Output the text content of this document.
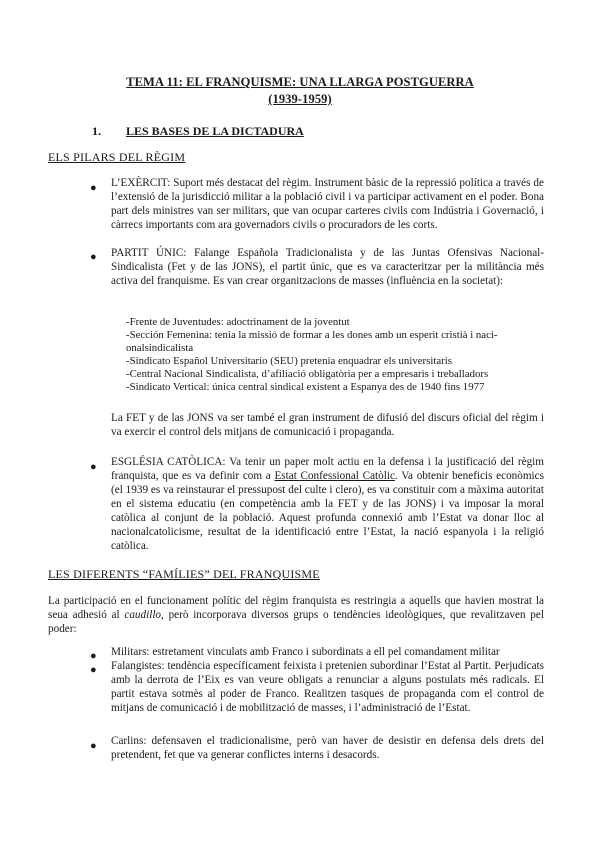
TEMA 11: EL FRANQUISME: UNA LLARGA POSTGUERRA
(1939-1959)
1. LES BASES DE LA DICTADURA
ELS PILARS DEL RÈGIM
● L’EXÈRCIT: Suport més destacat del règim. Instrument bàsic de la repressió política a través de l’extensió de la jurisdicció militar a la població civil i va participar activament en el poder. Bona part dels ministres van ser militars, que van ocupar carteres civils com Indústria i Governació, i càrrecs importants com ara governadors civils o procuradors de les corts.
● PARTIT ÚNIC: Falange Española Tradicionalista y de las Juntas Ofensivas Nacional-Sindicalista (Fet y de las JONS), el partit únic, que es va caracteritzar per la militància més activa del franquisme. Es van crear organitzacions de masses (influència en la societat):
-Frente de Juventudes: adoctrinament de la joventut
-Sección Femenina: tenia la missió de formar a les dones amb un esperit cristià i naci-
onalsindicalista
-Sindicato Español Universitario (SEU) pretenia enquadrar els universitaris
-Central Nacional Sindicalista, d’afiliació obligatòria per a empresaris i treballadors
-Sindicato Vertical: única central sindical existent a Espanya des de 1940 fins 1977
La FET y de las JONS va ser també el gran instrument de difusió del discurs oficial del règim i va exercir el control dels mitjans de comunicació i propaganda.
● ESGLÉSIA CATÒLICA: Va tenir un paper molt actiu en la defensa i la justificació del règim franquista, que es va definir com a Estat Confessional Catòlic. Va obtenir beneficis econòmics (el 1939 es va reinstaurar el pressupost del culte i clero), es va constituir com a màxima autoritat en el sistema educatiu (en competència amb la FET y de las JONS) i va imposar la moral catòlica al conjunt de la població. Aquest profunda connexió amb l’Estat va donar lloc al nacionalcatolicisme, resultat de la identificació entre l’Estat, la nació espanyola i la religió catòlica.
LES DIFERENTS “FAMÍLIES” DEL FRANQUISME
La participació en el funcionament polític del règim franquista es restringia a aquells que havien mostrat la seua adhesió al caudillo, però incorporava diversos grups o tendències ideològiques, que revalitzaven pel poder:
● Militars: estretament vinculats amb Franco i subordinats a ell pel comandament militar
● Falangistes: tendència específicament feixista i pretenien subordinar l’Estat al Partit. Perjudicats amb la derrota de l’Eix es van veure obligats a renunciar a alguns postulats més radicals. El partit estava sotmès al poder de Franco. Realitzen tasques de propaganda com el control de mitjans de comunicació i de mobilització de masses, i l’administració de l’Estat.
● Carlins: defensaven el tradicionalisme, però van haver de desistir en defensa dels drets del pretendent, fet que va generar conflictes interns i desacords.
